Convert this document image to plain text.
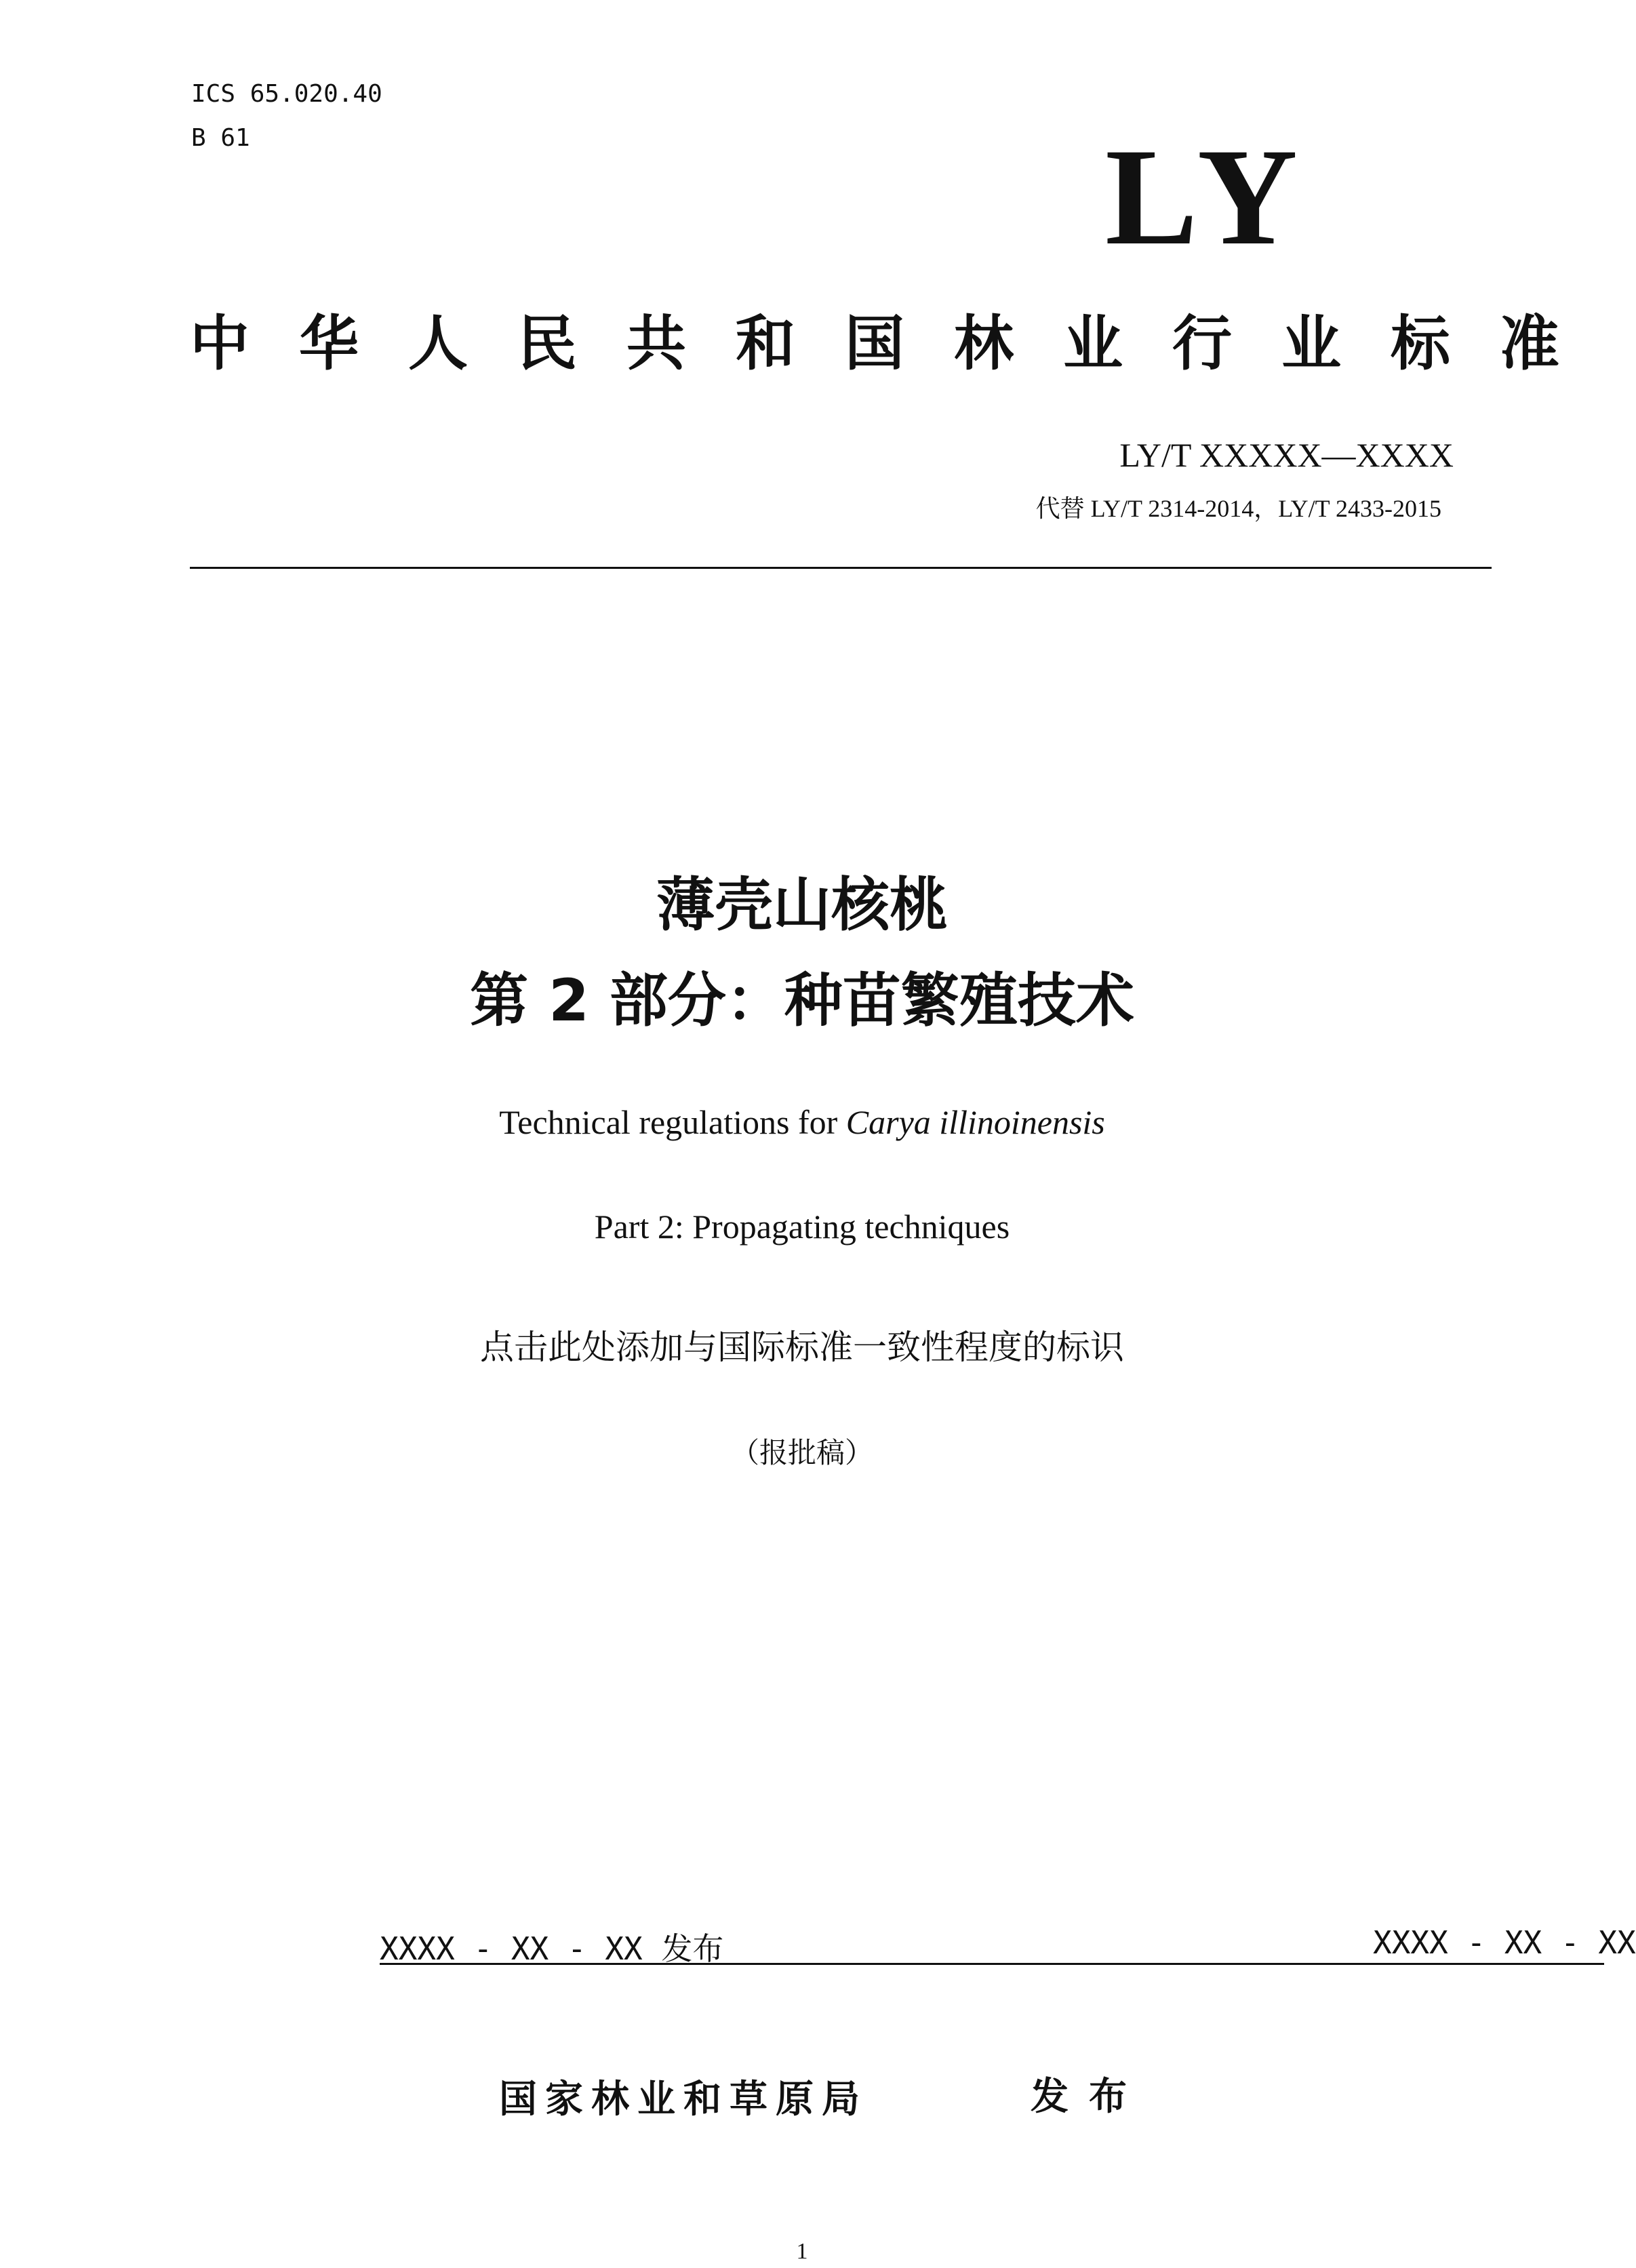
ICS 65.020.40
B 61	LY
中华人民共和国林业行业标准
LY/T XXXXX—XXXX
代替 LY/T 2314-2014，LY/T 2433-2015
薄壳山核桃
第 2 部分：种苗繁殖技术
Technical regulations for Carya illinoinensis
Part 2: Propagating techniques
点击此处添加与国际标准一致性程度的标识
（报批稿）
XXXX - XX - XX 发布	XXXX - XX - XX
国家林业和草原局	发布
1
